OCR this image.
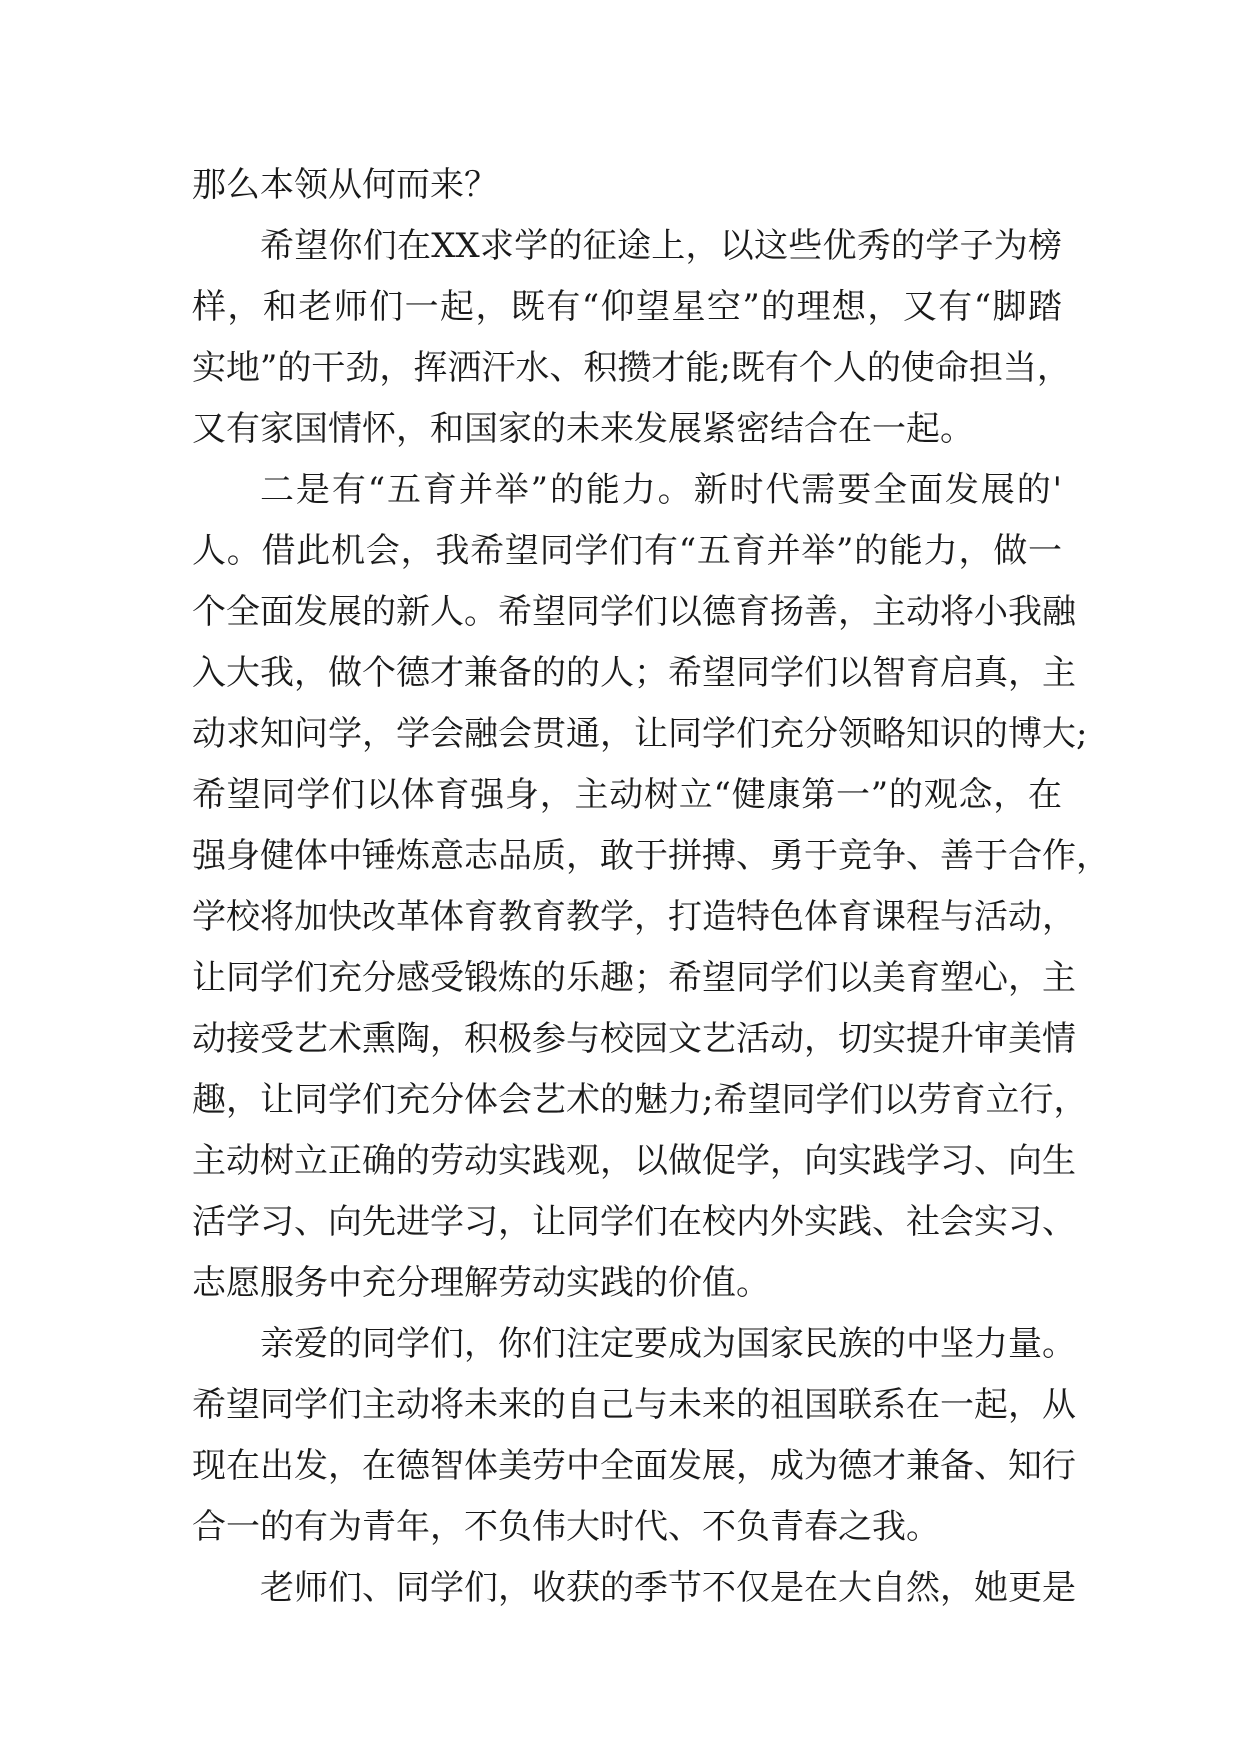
那么本领从何而来？
希望你们在XX求学的征途上，以这些优秀的学子为榜
样，和老师们一起，既有“仰望星空”的理想，又有“脚踏
实地”的干劲，挥洒汗水、积攒才能;既有个人的使命担当，
又有家国情怀，和国家的未来发展紧密结合在一起。
二是有“五育并举”的能力。新时代需要全面发展的'
人。借此机会，我希望同学们有“五育并举”的能力，做一
个全面发展的新人。希望同学们以德育扬善，主动将小我融
入大我，做个德才兼备的的人；希望同学们以智育启真，主
动求知问学，学会融会贯通，让同学们充分领略知识的博大;
希望同学们以体育强身，主动树立“健康第一”的观念，在
强身健体中锤炼意志品质，敢于拼搏、勇于竞争、善于合作，
学校将加快改革体育教育教学，打造特色体育课程与活动，
让同学们充分感受锻炼的乐趣；希望同学们以美育塑心，主
动接受艺术熏陶，积极参与校园文艺活动，切实提升审美情
趣，让同学们充分体会艺术的魅力;希望同学们以劳育立行，
主动树立正确的劳动实践观，以做促学，向实践学习、向生
活学习、向先进学习，让同学们在校内外实践、社会实习、
志愿服务中充分理解劳动实践的价值。
亲爱的同学们，你们注定要成为国家民族的中坚力量。
希望同学们主动将未来的自己与未来的祖国联系在一起，从
现在出发，在德智体美劳中全面发展，成为德才兼备、知行
合一的有为青年，不负伟大时代、不负青春之我。
老师们、同学们，收获的季节不仅是在大自然，她更是
